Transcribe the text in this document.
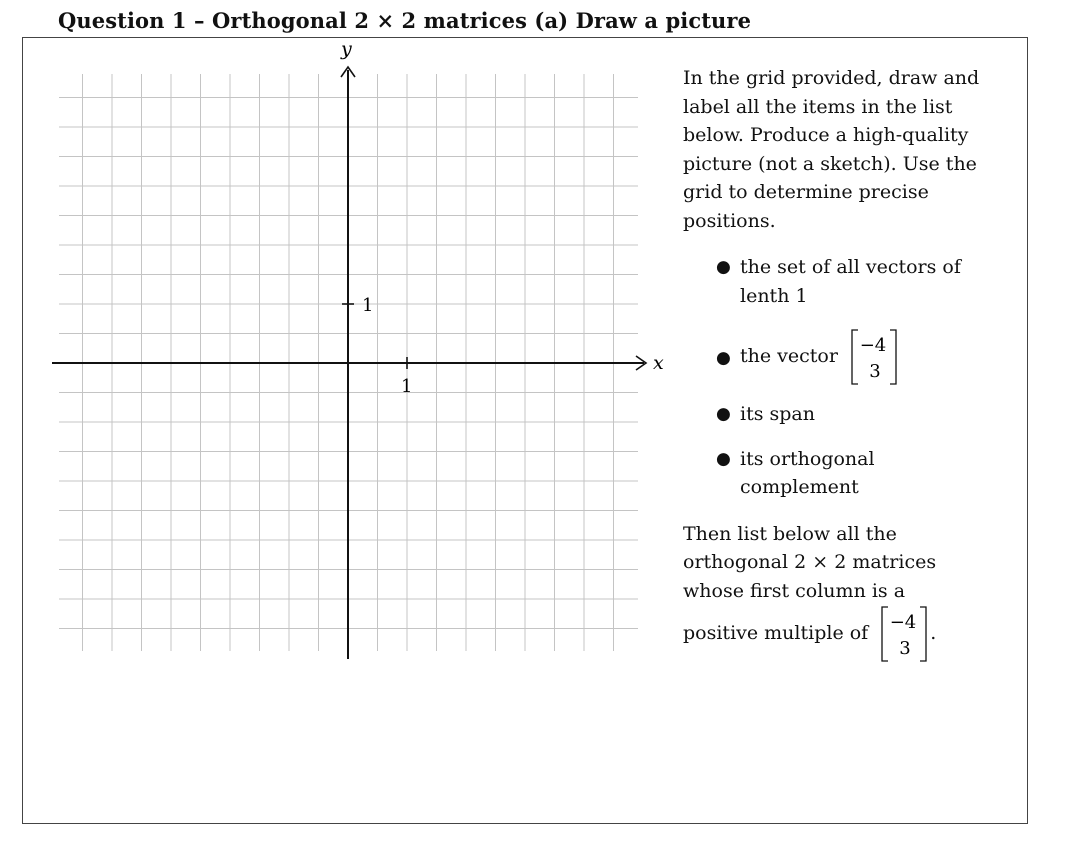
Question 1 – Orthogonal 2 × 2 matrices (a) Draw a picture
x
y
1
1

In the grid provided, draw and label all the items in the list below. Produce a high-quality picture (not a sketch). Use the grid to determine precise positions.

● the set of all vectors of lenth 1
● the vector −4
3
● its span
● its orthogonal complement

Then list below all the orthogonal 2 × 2 matrices whose first column is a positive multiple of −4
3
.
